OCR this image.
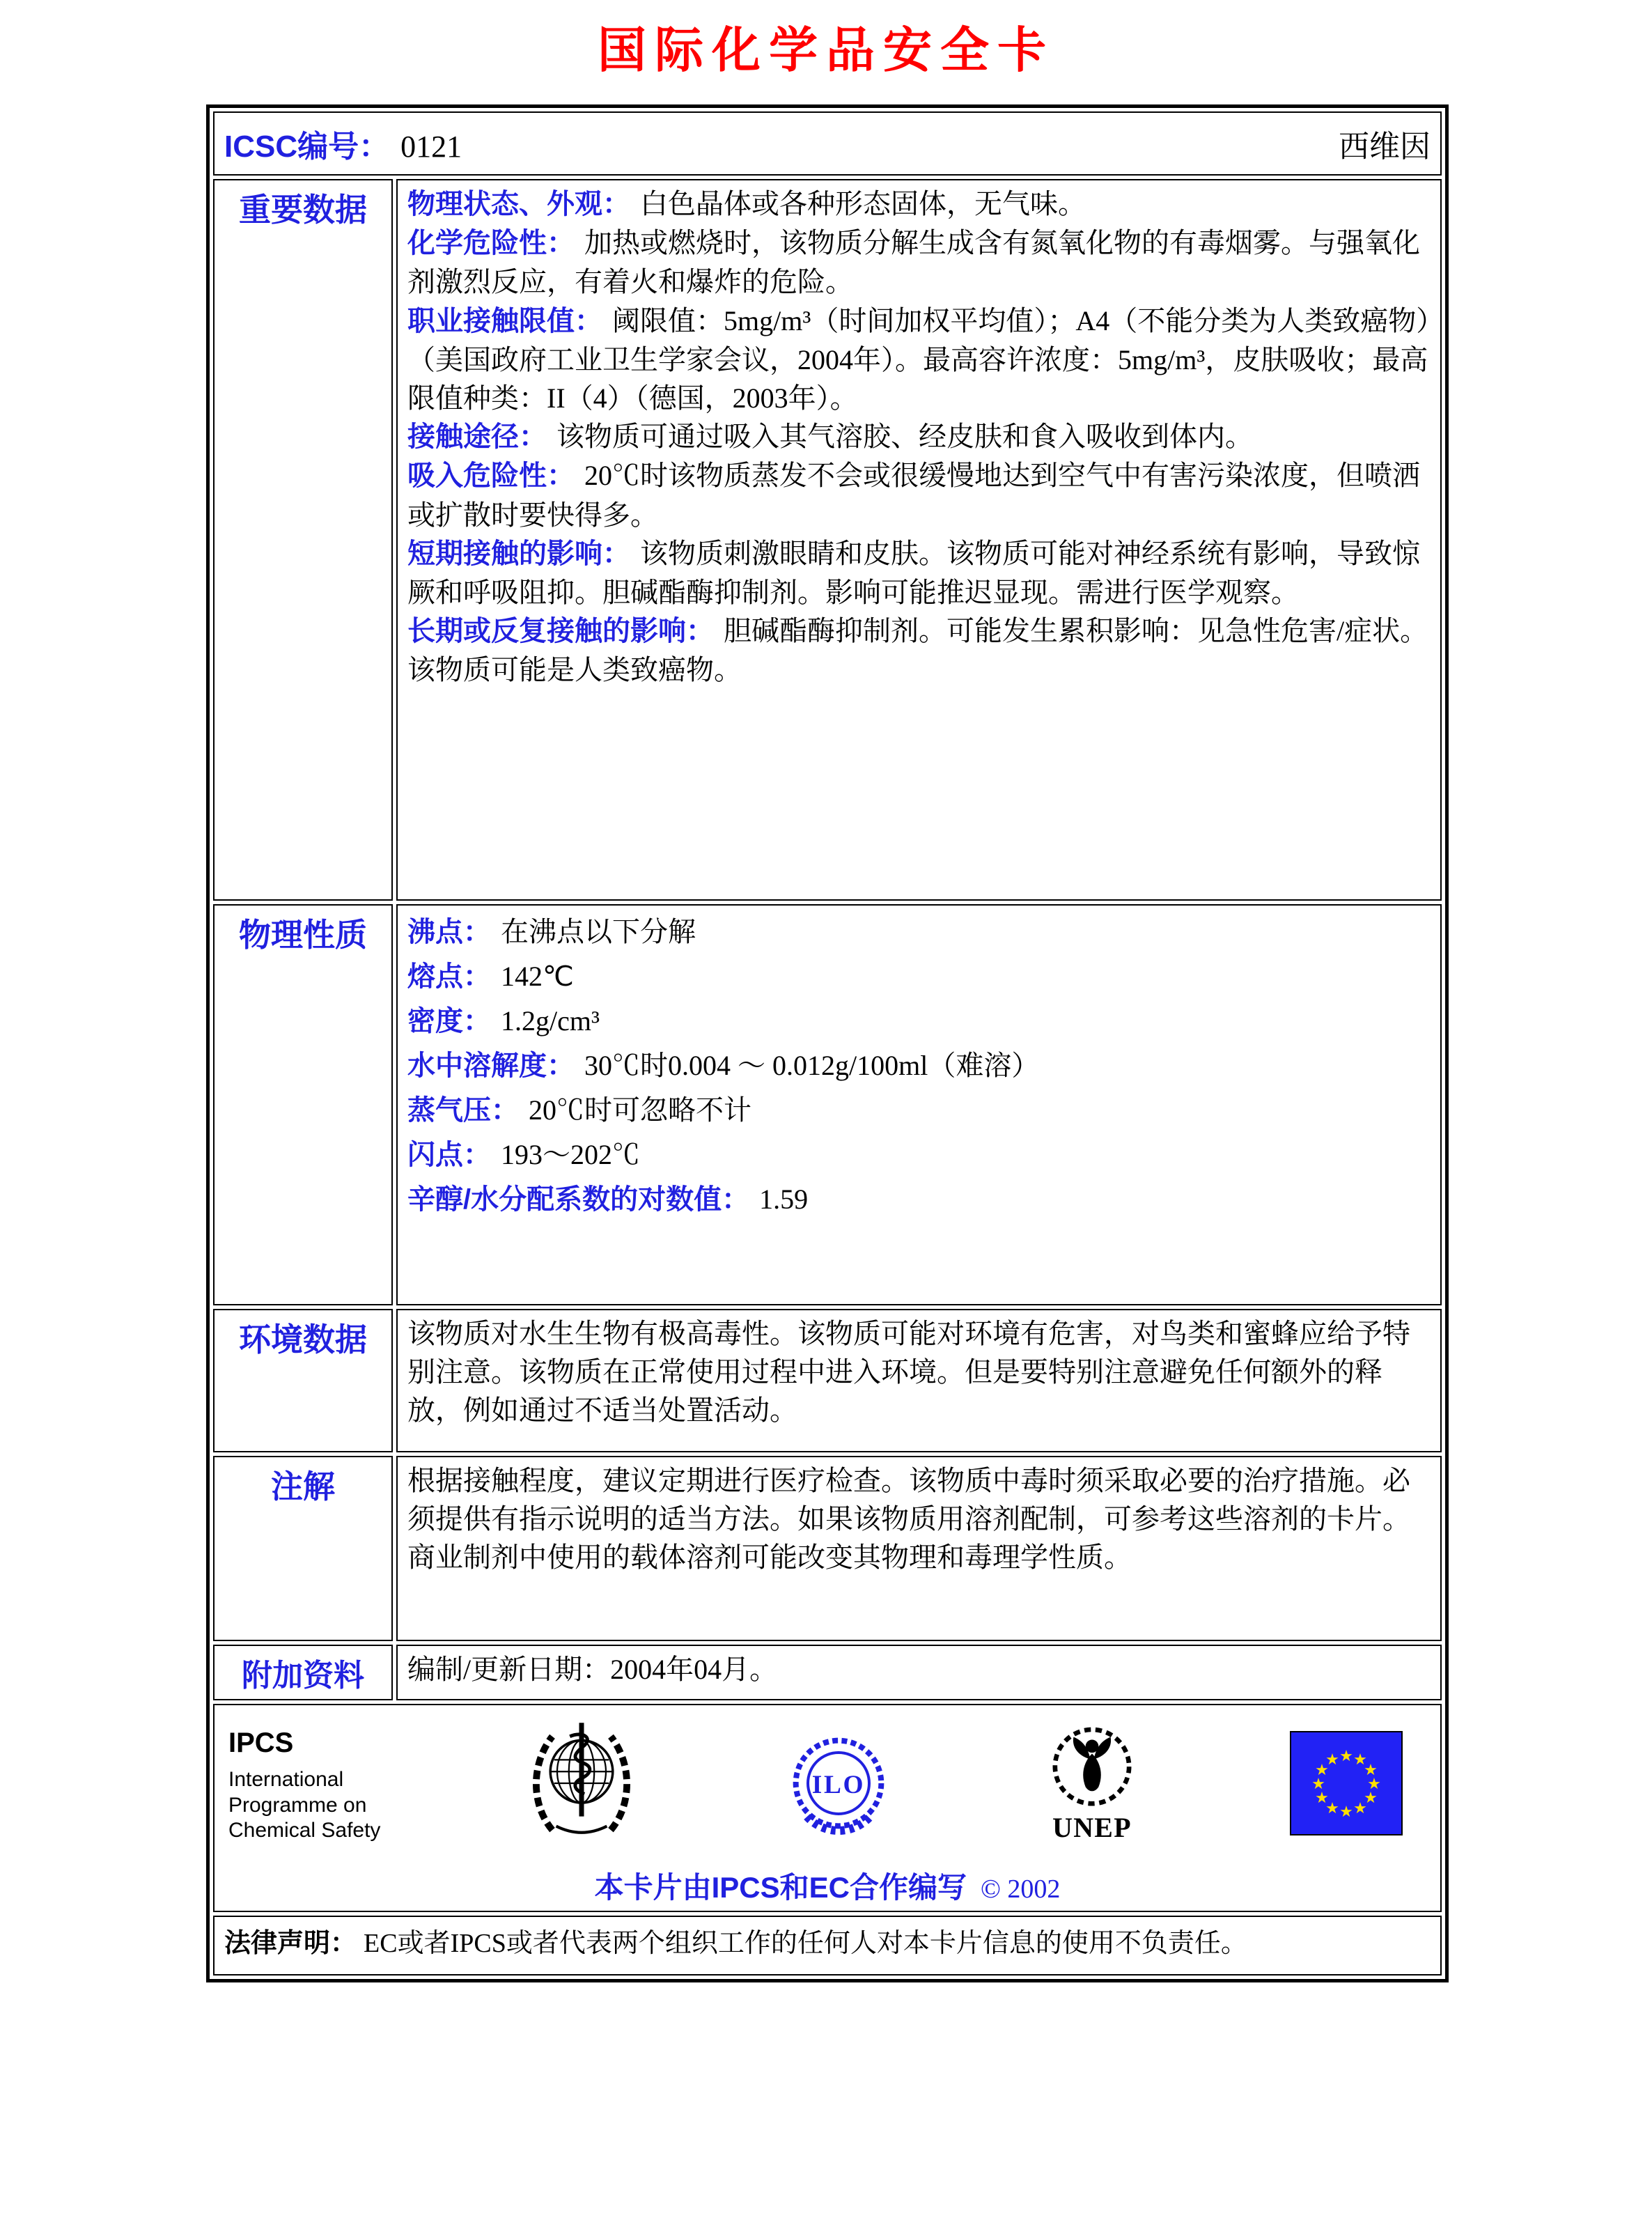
国际化学品安全卡
ICSC编号： 0121 西维因	

重要数据	物理状态、外观： 白色晶体或各种形态固体，无气味。
化学危险性： 加热或燃烧时，该物质分解生成含有氮氧化物的有毒烟雾。与强氧化剂激烈反应，有着火和爆炸的危险。
职业接触限值： 阈限值：5mg/m³（时间加权平均值）；A4（不能分类为人类致癌物）（美国政府工业卫生学家会议，2004年）。最高容许浓度：5mg/m³，皮肤吸收；最高限值种类：II（4）（德国，2003年）。
接触途径： 该物质可通过吸入其气溶胶、经皮肤和食入吸收到体内。
吸入危险性： 20℃时该物质蒸发不会或很缓慢地达到空气中有害污染浓度，但喷洒或扩散时要快得多。
短期接触的影响： 该物质刺激眼睛和皮肤。该物质可能对神经系统有影响，导致惊厥和呼吸阻抑。胆碱酯酶抑制剂。影响可能推迟显现。需进行医学观察。
长期或反复接触的影响： 胆碱酯酶抑制剂。可能发生累积影响：见急性危害/症状。该物质可能是人类致癌物。

物理性质	沸点： 在沸点以下分解
熔点： 142℃
密度： 1.2g/cm³
水中溶解度： 30℃时0.004 ～ 0.012g/100ml（难溶）
蒸气压： 20℃时可忽略不计
闪点： 193～202℃
辛醇/水分配系数的对数值： 1.59

环境数据	该物质对水生生物有极高毒性。该物质可能对环境有危害，对鸟类和蜜蜂应给予特别注意。该物质在正常使用过程中进入环境。但是要特别注意避免任何额外的释放，例如通过不适当处置活动。

注解	根据接触程度，建议定期进行医疗检查。该物质中毒时须采取必要的治疗措施。必须提供有指示说明的适当方法。如果该物质用溶剂配制，可参考这些溶剂的卡片。商业制剂中使用的载体溶剂可能改变其物理和毒理学性质。

附加资料	编制/更新日期：2004年04月。

IPCS
International
Programme on
Chemical Safety
ILO
UNEP
★ ★
★
★
★
★
★
★
★
★
★
★
本卡片由IPCS和EC合作编写 © 2002

法律声明： EC或者IPCS或者代表两个组织工作的任何人对本卡片信息的使用不负责任。	
